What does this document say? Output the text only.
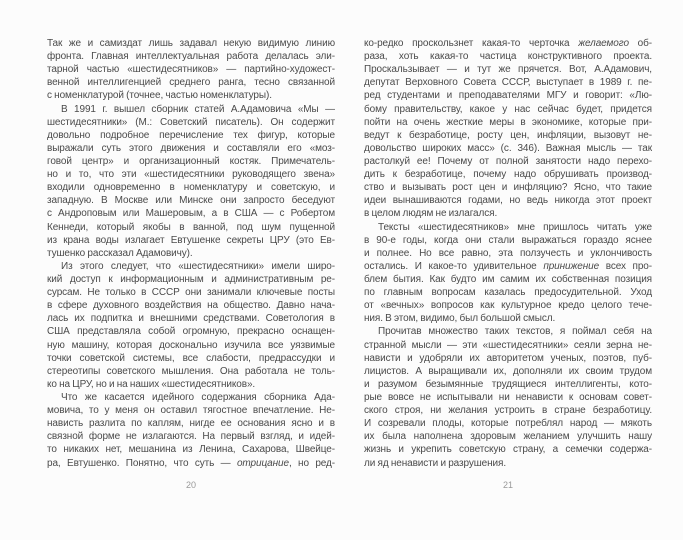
Так же и самиздат лишь задавал некую видимую линию
фронта. Главная интеллектуальная работа делалась эли-
тарной частью «шестидесятников» — партийно-художест-
венной интеллигенцией среднего ранга, тесно связанной
с номенклатурой (точнее, частью номенклатуры).
В 1991 г. вышел сборник статей А.Адамовича «Мы —
шестидесятники» (М.: Советский писатель). Он содержит
довольно подробное перечисление тех фигур, которые
выражали суть этого движения и составляли его «моз-
говой центр» и организационный костяк. Примечатель-
но и то, что эти «шестидесятники руководящего звена»
входили одновременно в номенклатуру и советскую, и
западную. В Москве или Минске они запросто беседуют
с Андроповым или Машеровым, а в США — с Робертом
Кеннеди, который якобы в ванной, под шум пущенной
из крана воды излагает Евтушенке секреты ЦРУ (это Ев-
тушенко рассказал Адамовичу).
Из этого следует, что «шестидесятники» имели широ-
кий доступ к информационным и административным ре-
сурсам. Не только в СССР они занимали ключевые посты
в сфере духовного воздействия на общество. Давно нача-
лась их подпитка и внешними средствами. Советология в
США представляла собой огромную, прекрасно оснащен-
ную машину, которая досконально изучила все уязвимые
точки советской системы, все слабости, предрассудки и
стереотипы советского мышления. Она работала не толь-
ко на ЦРУ, но и на наших «шестидесятников».
Что же касается идейного содержания сборника Ада-
мовича, то у меня он оставил тягостное впечатление. Не-
нависть разлита по каплям, нигде ее основания ясно и в
связной форме не излагаются. На первый взгляд, и идей-
то никаких нет, мешанина из Ленина, Сахарова, Швейце-
ра, Евтушенко. Понятно, что суть — отрицание, но ред-
20
ко-редко проскользнет какая-то черточка желаемого об-
раза, хоть какая-то частица конструктивного проекта.
Проскальзывает — и тут же прячется. Вот, А.Адамович,
депутат Верховного Совета СССР, выступает в 1989 г. пе-
ред студентами и преподавателями МГУ и говорит: «Лю-
бому правительству, какое у нас сейчас будет, придется
пойти на очень жесткие меры в экономике, которые при-
ведут к безработице, росту цен, инфляции, вызовут не-
довольство широких масс» (с. 346). Важная мысль — так
растолкуй ее! Почему от полной занятости надо перехо-
дить к безработице, почему надо обрушивать производ-
ство и вызывать рост цен и инфляцию? Ясно, что такие
идеи вынашиваются годами, но ведь никогда этот проект
в целом людям не излагался.
Тексты «шестидесятников» мне пришлось читать уже
в 90-е годы, когда они стали выражаться гораздо яснее
и полнее. Но все равно, эта ползучесть и уклончивость
остались. И какое-то удивительное принижение всех про-
блем бытия. Как будто им самим их собственная позиция
по главным вопросам казалась предосудительной. Уход
от «вечных» вопросов как культурное кредо целого тече-
ния. В этом, видимо, был большой смысл.
Прочитав множество таких текстов, я поймал себя на
странной мысли — эти «шестидесятники» сеяли зерна не-
нависти и удобряли их авторитетом ученых, поэтов, пуб-
лицистов. А выращивали их, дополняли их своим трудом
и разумом безымянные трудящиеся интеллигенты, кото-
рые вовсе не испытывали ни ненависти к основам совет-
ского строя, ни желания устроить в стране безработицу.
И созревали плоды, которые потреблял народ — мякоть
их была наполнена здоровым желанием улучшить нашу
жизнь и укрепить советскую страну, а семечки содержа-
ли яд ненависти и разрушения.
21
